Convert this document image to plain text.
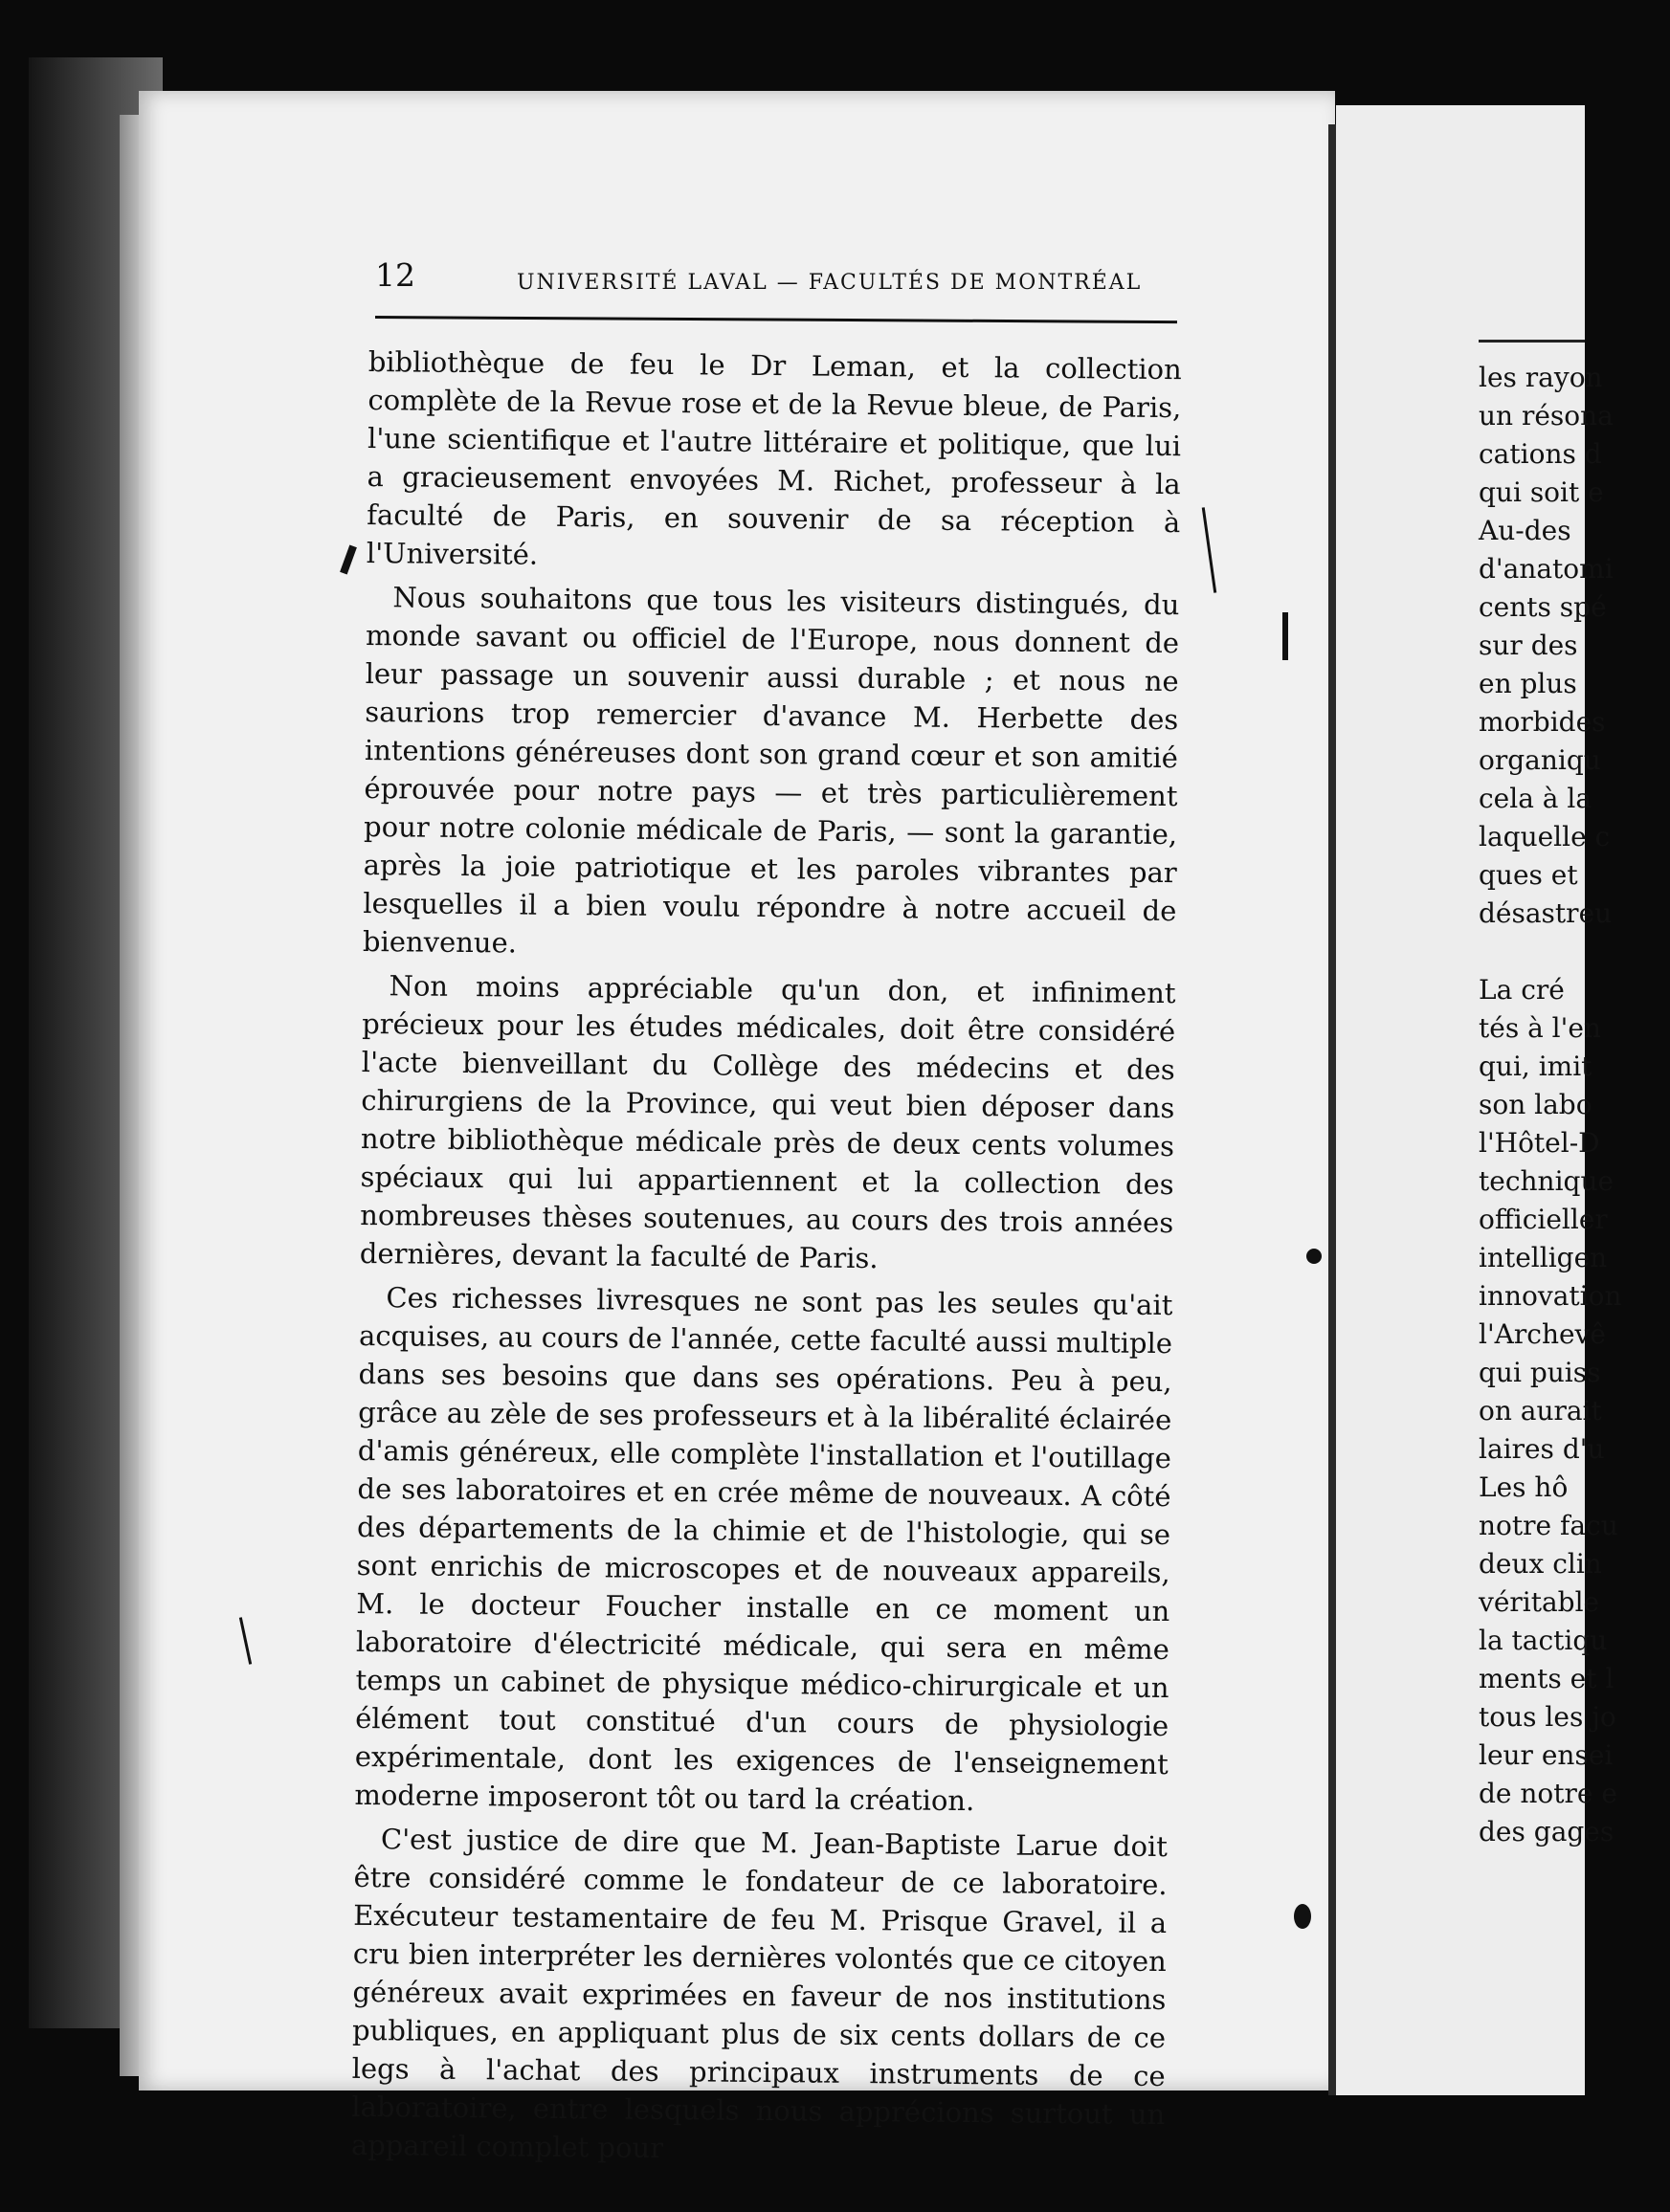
12	UNIVERSITÉ LAVAL — FACULTÉS DE MONTRÉAL

bibliothèque de feu le Dr Leman, et la collection complète de la Revue rose et de la Revue bleue, de Paris, l'une scientifique et l'autre littéraire et politique, que lui a gracieusement envoyées M. Richet, professeur à la faculté de Paris, en souvenir de sa réception à l'Université.

Nous souhaitons que tous les visiteurs distingués, du monde savant ou officiel de l'Europe, nous donnent de leur passage un souvenir aussi durable ; et nous ne saurions trop remercier d'avance M. Herbette des intentions généreuses dont son grand cœur et son amitié éprouvée pour notre pays — et très particulièrement pour notre colonie médicale de Paris, — sont la garantie, après la joie patriotique et les paroles vibrantes par lesquelles il a bien voulu répondre à notre accueil de bienvenue.

Non moins appréciable qu'un don, et infiniment précieux pour les études médicales, doit être considéré l'acte bienveillant du Collège des médecins et des chirurgiens de la Province, qui veut bien déposer dans notre bibliothèque médicale près de deux cents volumes spéciaux qui lui appartiennent et la collection des nombreuses thèses soutenues, au cours des trois années dernières, devant la faculté de Paris.

Ces richesses livresques ne sont pas les seules qu'ait acquises, au cours de l'année, cette faculté aussi multiple dans ses besoins que dans ses opérations. Peu à peu, grâce au zèle de ses professeurs et à la libéralité éclairée d'amis généreux, elle complète l'installation et l'outillage de ses laboratoires et en crée même de nouveaux. A côté des départements de la chimie et de l'histologie, qui se sont enrichis de microscopes et de nouveaux appareils, M. le docteur Foucher installe en ce moment un laboratoire d'électricité médicale, qui sera en même temps un cabinet de physique médico-chirurgicale et un élément tout constitué d'un cours de physiologie expérimentale, dont les exigences de l'enseignement moderne imposeront tôt ou tard la création.

C'est justice de dire que M. Jean-Baptiste Larue doit être considéré comme le fondateur de ce laboratoire. Exécuteur testamentaire de feu M. Prisque Gravel, il a cru bien interpréter les dernières volontés que ce citoyen généreux avait exprimées en faveur de nos institutions publiques, en appliquant plus de six cents dollars de ce legs à l'achat des principaux instruments de ce laboratoire, entre lesquels nous apprécions surtout un appareil complet pour

les rayon
un résona
cations d
qui soit e
Au-des
d'anatomi
cents spé
sur des
en plus
morbides
organiqu
cela à la
laquelle c
ques et
désastreu
La cré
tés à l'en
qui, imit
son labo
l'Hôtel-D
technique
officieller
intelligen
innovation
l'Archevê
qui puiss
on aurait
laires d'u
Les hô
notre facu
deux clin
véritable
la tactiqu
ments et l
tous les jo
leur ensei
de notre e
des gages
